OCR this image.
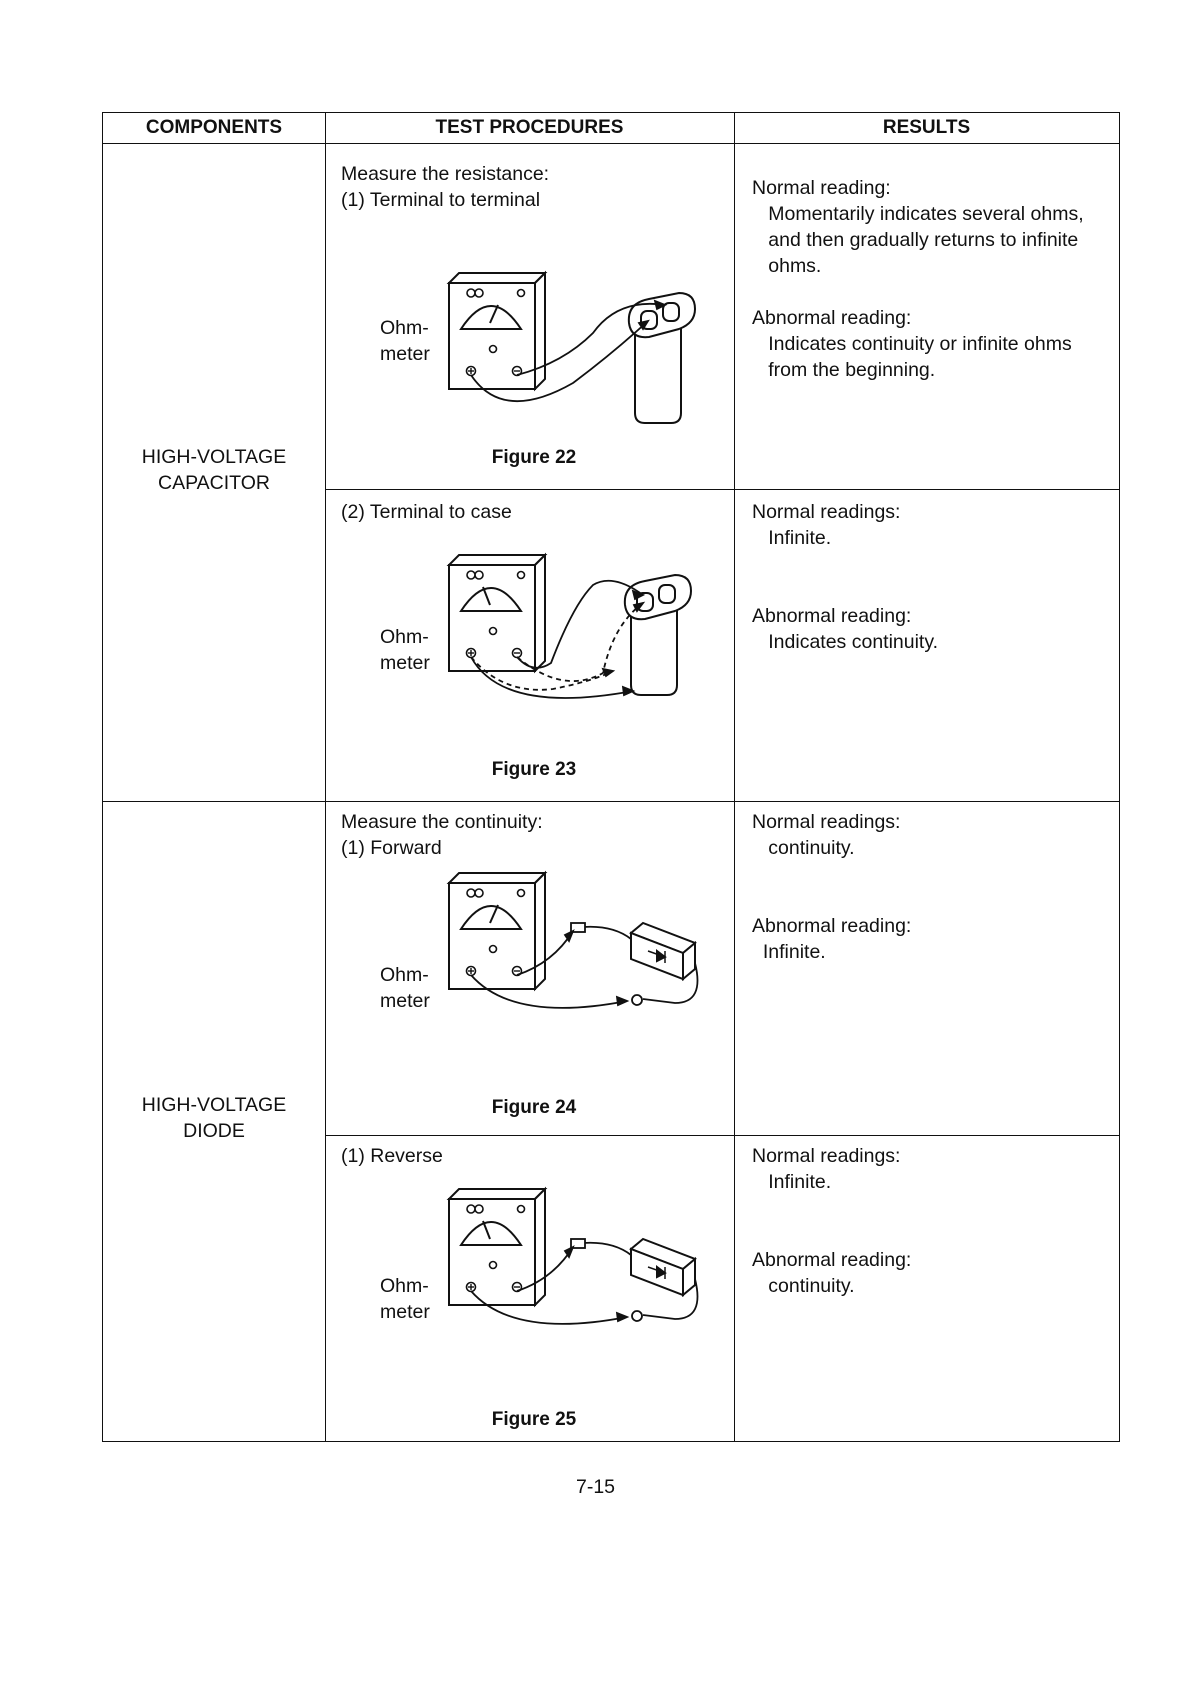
COMPONENTS	TEST PROCEDURES	RESULTS
HIGH-VOLTAGE
CAPACITOR
HIGH-VOLTAGE
DIODE
Measure the resistance:
(1) Terminal to terminal
(2) Terminal to case
Measure the continuity:
(1) Forward
(1) Reverse
Ohm-
meter
Ohm-
meter
Ohm-
meter
Ohm-
meter
Figure 22
Figure 23
Figure 24
Figure 25
Normal reading:
Momentarily indicates several ohms,
and then gradually returns to infinite
ohms.

Abnormal reading:
Indicates continuity or infinite ohms
from the beginning.
Normal readings:
Infinite.

Abnormal reading:
Indicates continuity.
Normal readings:
continuity.

Abnormal reading:
Infinite.
Normal readings:
Infinite.

Abnormal reading:
continuity.
7-15
